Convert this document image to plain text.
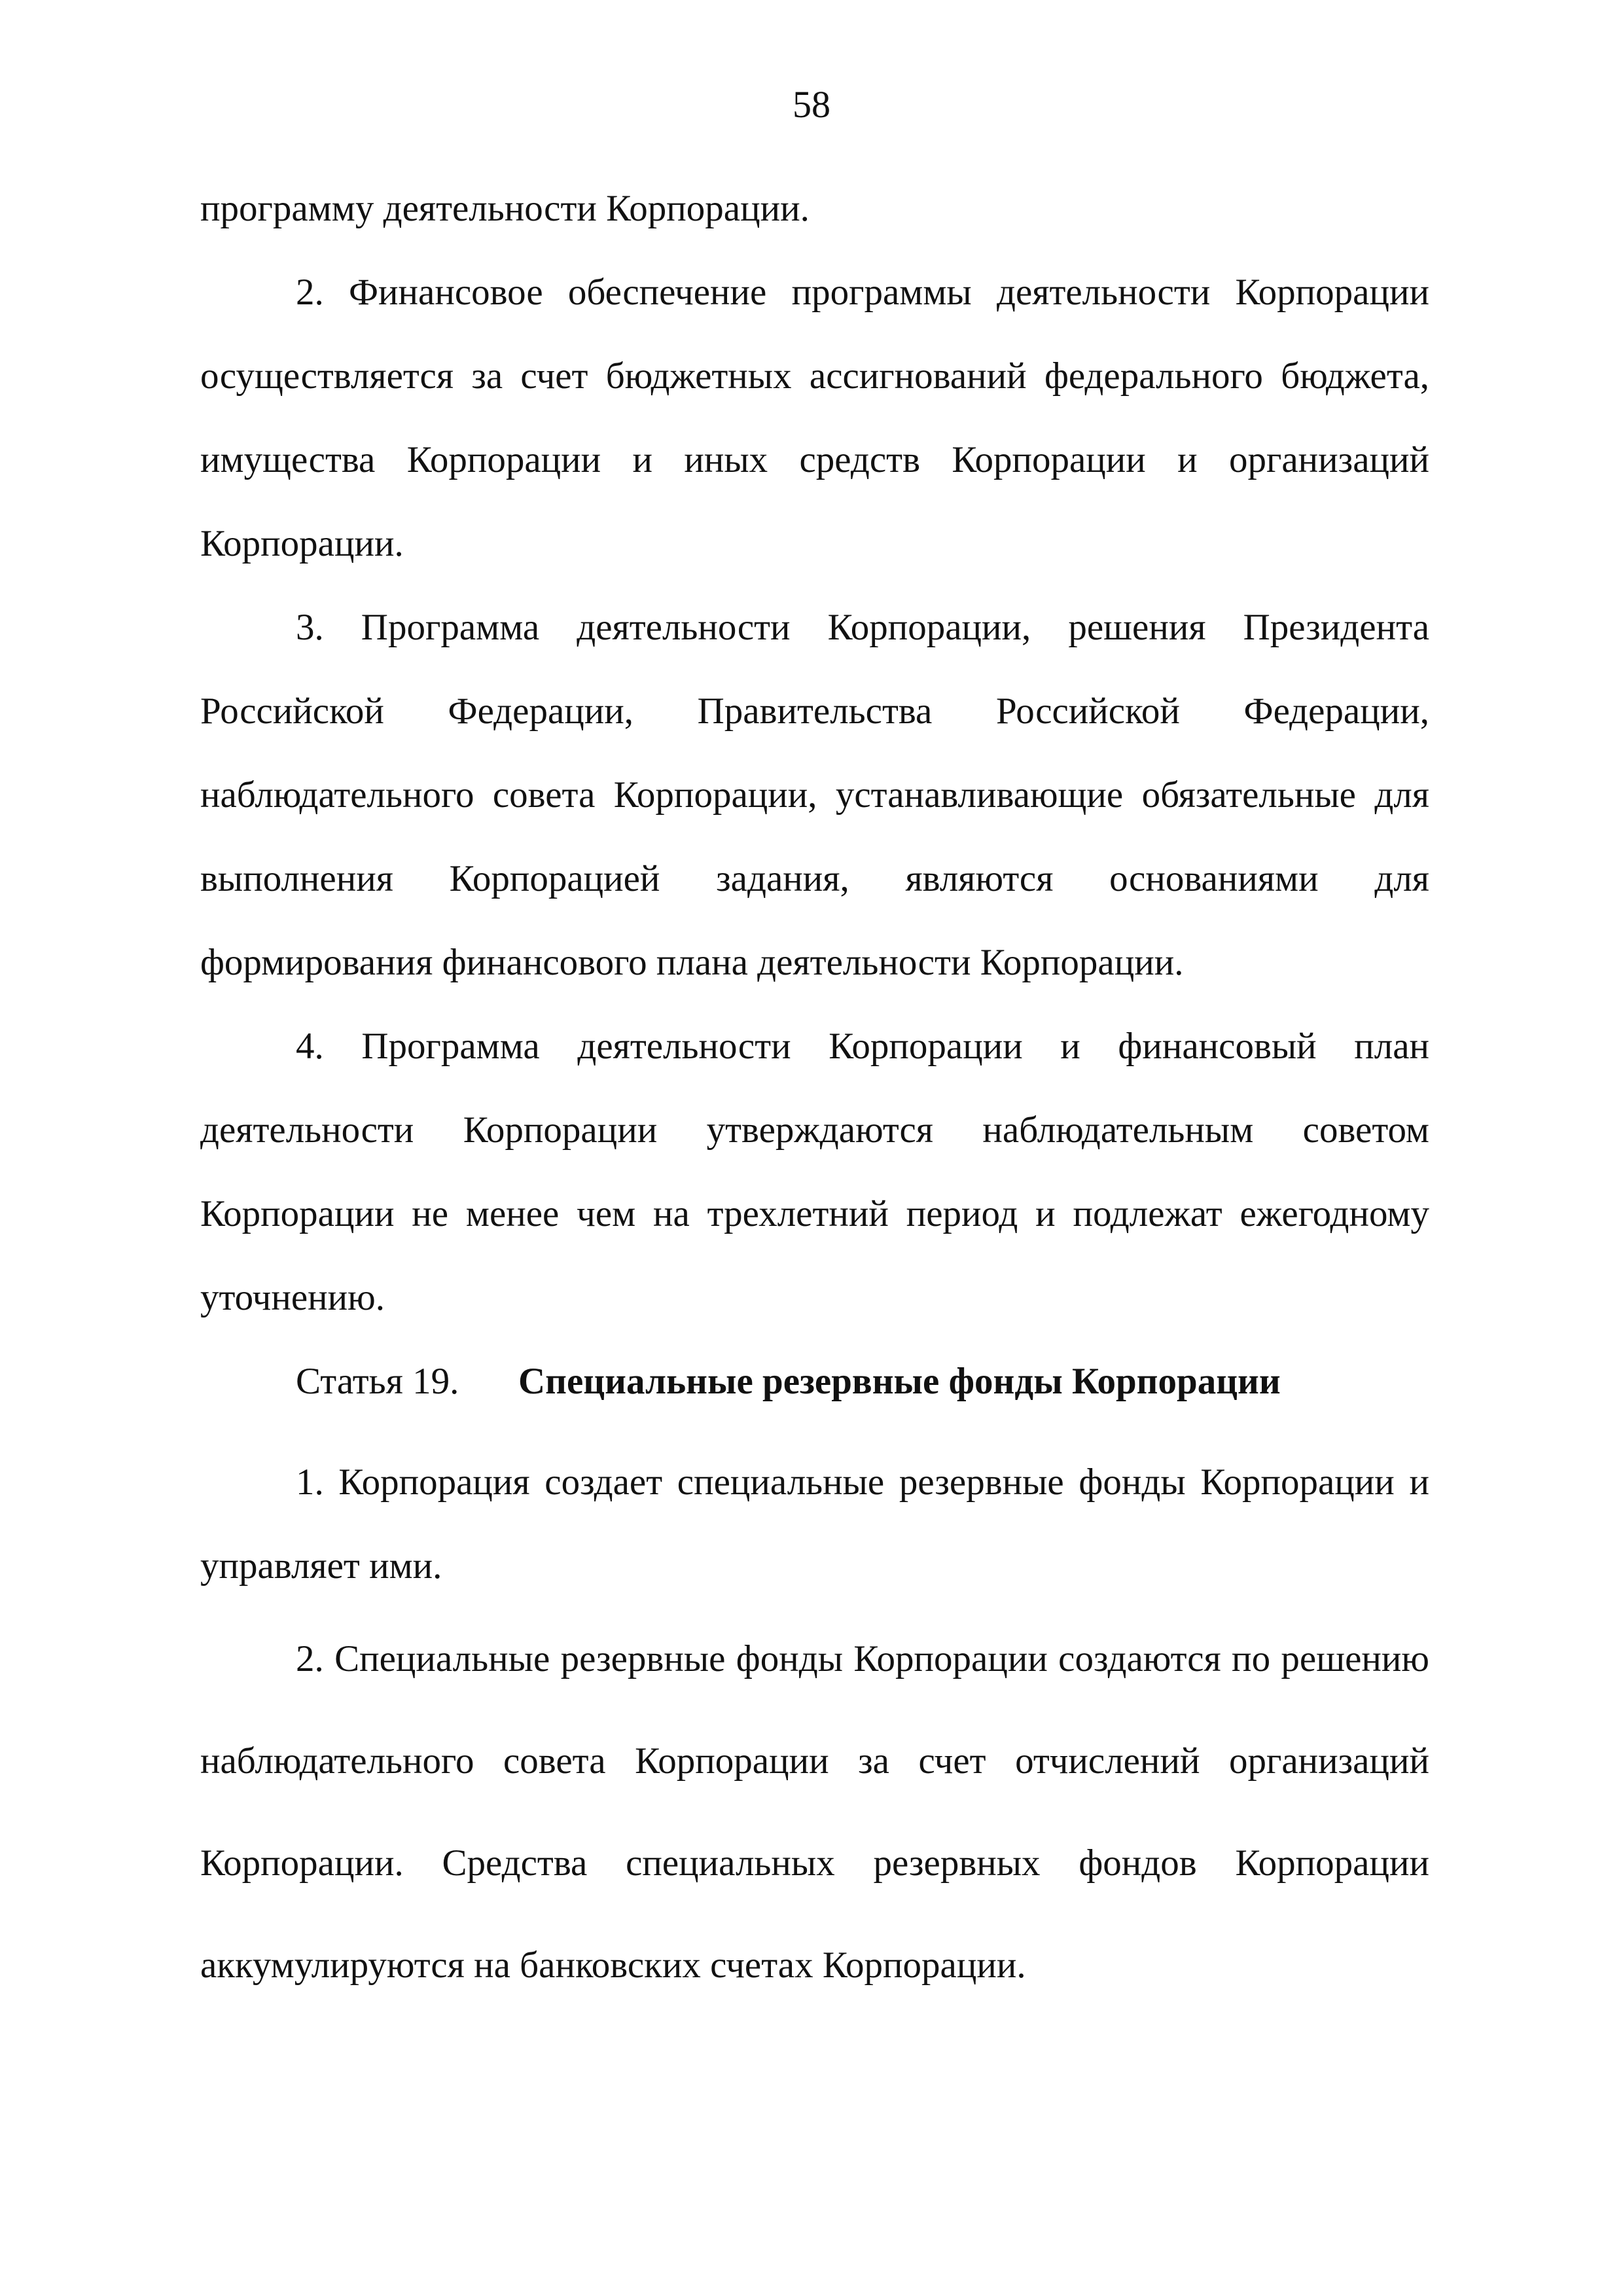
58

программу деятельности Корпорации.

2. Финансовое обеспечение программы деятельности Корпорации осуществляется за счет бюджетных ассигнований федерального бюджета, имущества Корпорации и иных средств Корпорации и организаций Корпорации.

3. Программа деятельности Корпорации, решения Президента Российской Федерации, Правительства Российской Федерации, наблюдательного совета Корпорации, устанавливающие обязательные для выполнения Корпорацией задания, являются основаниями для формирования финансового плана деятельности Корпорации.

4. Программа деятельности Корпорации и финансовый план деятельности Корпорации утверждаются наблюдательным советом Корпорации не менее чем на трехлетний период и подлежат ежегодному уточнению.

Статья 19. Специальные резервные фонды Корпорации

1. Корпорация создает специальные резервные фонды Корпорации и управляет ими.

2. Специальные резервные фонды Корпорации создаются по решению наблюдательного совета Корпорации за счет отчислений организаций Корпорации. Средства специальных резервных фондов Корпорации аккумулируются на банковских счетах Корпорации.
